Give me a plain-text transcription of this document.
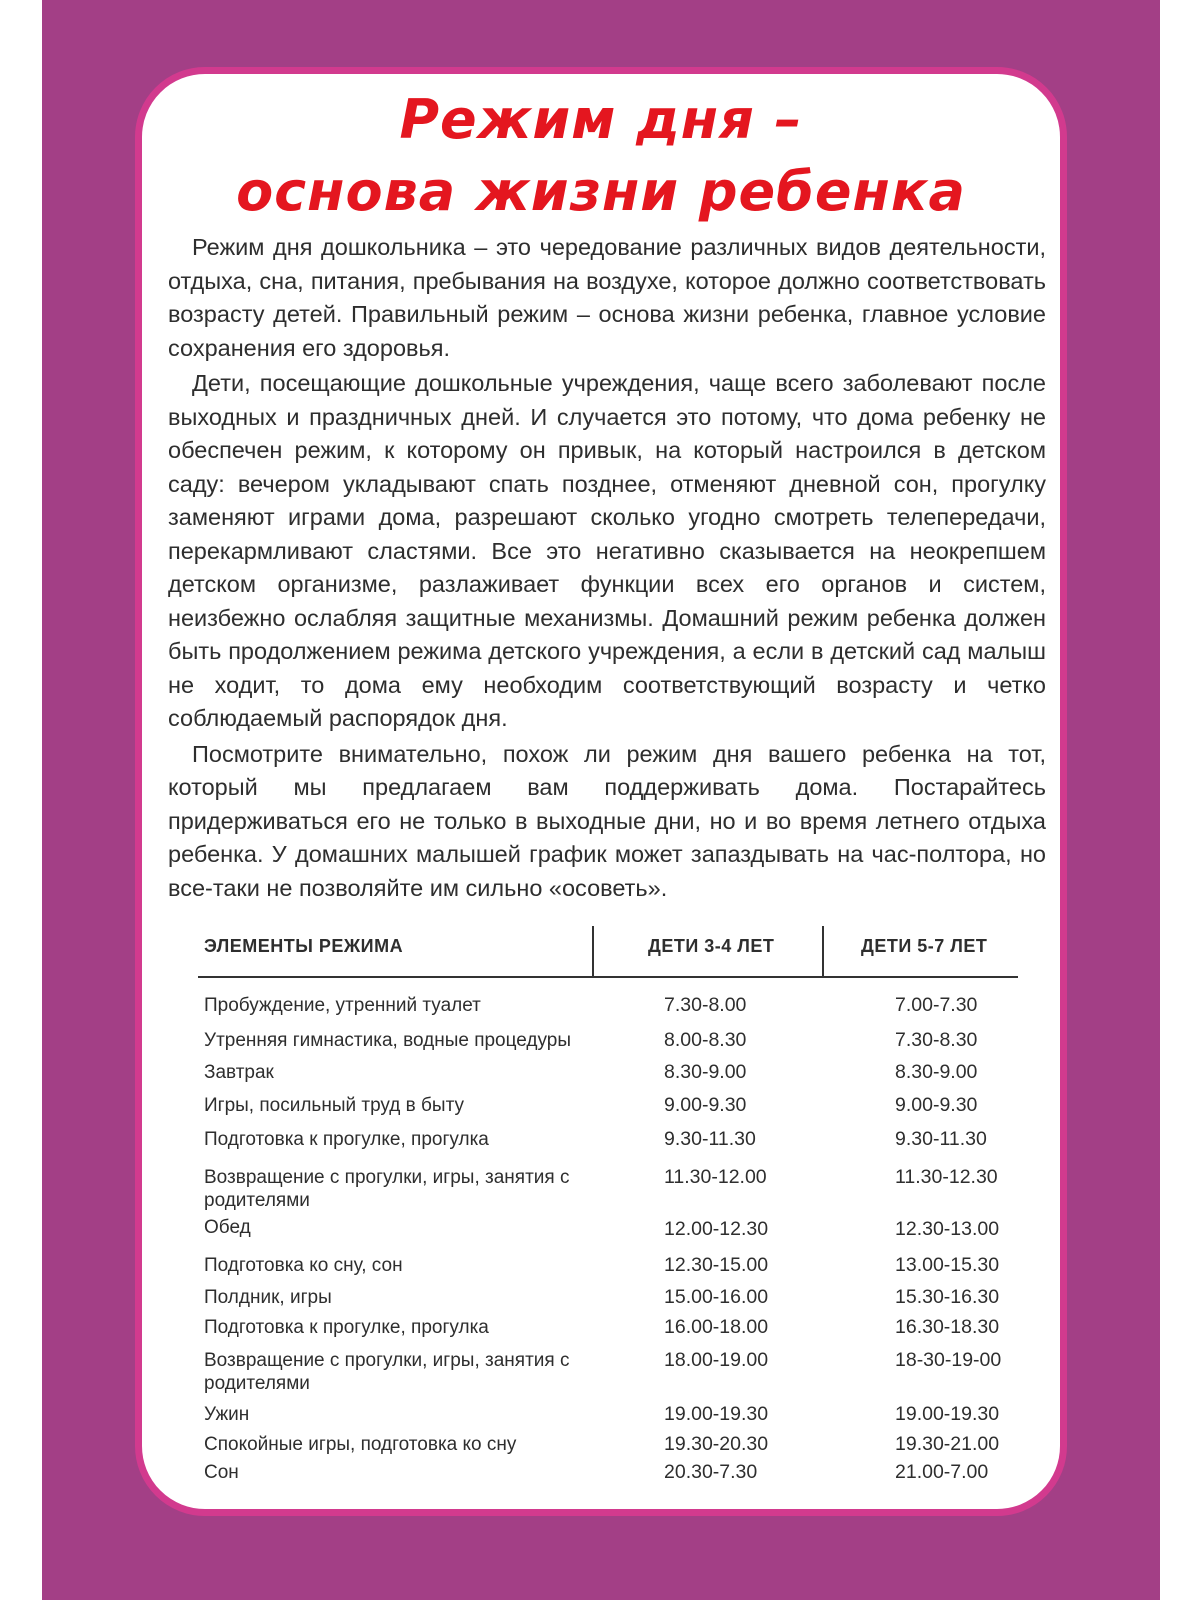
Режим дня –
основа жизни ребенка

Режим дня дошкольника – это чередование различных видов деятельности, отдыха, сна, питания, пребывания на воздухе, которое должно соответствовать возрасту детей. Правильный режим – основа жизни ребенка, главное условие сохранения его здоровья.

Дети, посещающие дошкольные учреждения, чаще всего заболевают после выходных и праздничных дней. И случается это потому, что дома ребенку не обеспечен режим, к которому он привык, на который настроился в детском саду: вечером укладывают спать позднее, отменяют дневной сон, прогулку заменяют играми дома, разрешают сколько угодно смотреть телепередачи, перекармливают сластями. Все это негативно сказывается на неокрепшем детском организме, разлаживает функции всех его органов и систем, неизбежно ослабляя защитные механизмы. Домашний режим ребенка должен быть продолжением режима детского учреждения, а если в детский сад малыш не ходит, то дома ему необходим соответствующий возрасту и четко соблюдаемый распорядок дня.

Посмотрите внимательно, похож ли режим дня вашего ребенка на тот, который мы предлагаем вам поддерживать дома. Постарайтесь придерживаться его не только в выходные дни, но и во время летнего отдыха ребенка. У домашних малышей график может запаздывать на час-полтора, но все-таки не позволяйте им сильно «осоветь».

ЭЛЕМЕНТЫ РЕЖИМА	ДЕТИ 3-4 ЛЕТ	ДЕТИ 5-7 ЛЕТ
Пробуждение, утренний туалет	7.30-8.00	7.00-7.30
Утренняя гимнастика, водные процедуры	8.00-8.30	7.30-8.30
Завтрак	8.30-9.00	8.30-9.00
Игры, посильный труд в быту	9.00-9.30	9.00-9.30
Подготовка к прогулке, прогулка	9.30-11.30	9.30-11.30
Возвращение с прогулки, игры, занятия с родителями
11.30-12.00	11.30-12.30
Обед	12.00-12.30	12.30-13.00
Подготовка ко сну, сон	12.30-15.00	13.00-15.30
Полдник, игры	15.00-16.00	15.30-16.30
Подготовка к прогулке, прогулка	16.00-18.00	16.30-18.30
Возвращение с прогулки, игры, занятия с родителями
18.00-19.00	18-30-19-00
Ужин	19.00-19.30	19.00-19.30
Спокойные игры, подготовка ко сну	19.30-20.30	19.30-21.00
Сон	20.30-7.30	21.00-7.00
